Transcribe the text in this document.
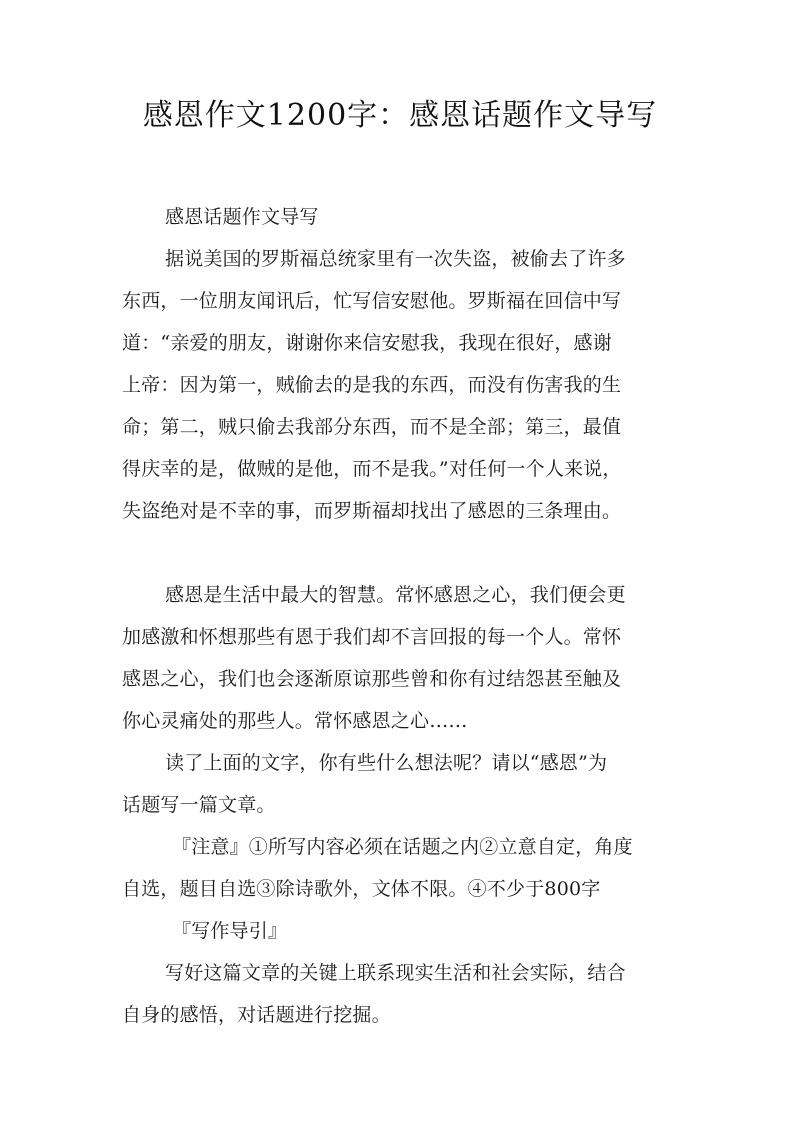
感恩作文1200字：感恩话题作文导写
感恩话题作文导写
据说美国的罗斯福总统家里有一次失盗，被偷去了许多
东西，一位朋友闻讯后，忙写信安慰他。罗斯福在回信中写
道：“亲爱的朋友，谢谢你来信安慰我，我现在很好，感谢
上帝：因为第一，贼偷去的是我的东西，而没有伤害我的生
命；第二，贼只偷去我部分东西，而不是全部；第三，最值
得庆幸的是，做贼的是他，而不是我。”对任何一个人来说，
失盗绝对是不幸的事，而罗斯福却找出了感恩的三条理由。
感恩是生活中最大的智慧。常怀感恩之心，我们便会更
加感激和怀想那些有恩于我们却不言回报的每一个人。常怀
感恩之心，我们也会逐渐原谅那些曾和你有过结怨甚至触及
你心灵痛处的那些人。常怀感恩之心……
读了上面的文字，你有些什么想法呢？请以“感恩”为
话题写一篇文章。
『注意』①所写内容必须在话题之内②立意自定，角度
自选，题目自选③除诗歌外，文体不限。④不少于800字
『写作导引』
写好这篇文章的关键上联系现实生活和社会实际，结合
自身的感悟，对话题进行挖掘。
